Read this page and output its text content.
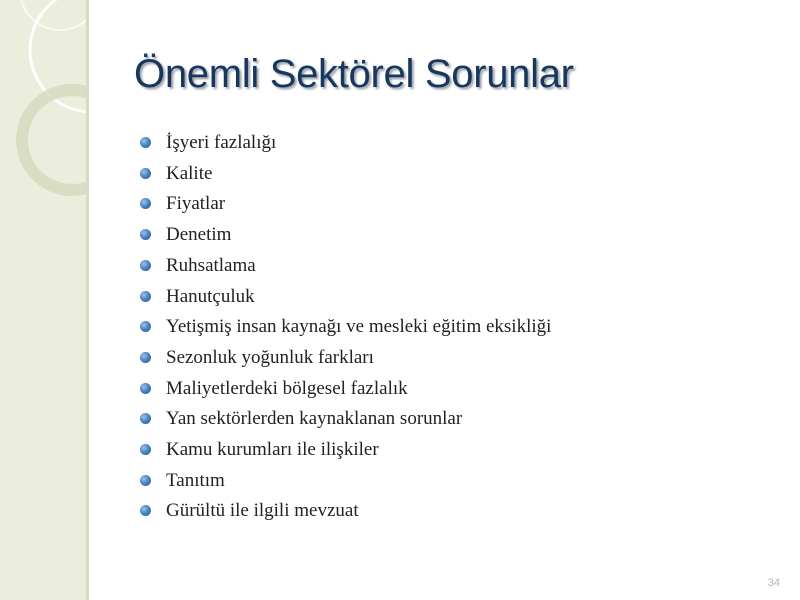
Önemli Sektörel Sorunlar
İşyeri fazlalığı
Kalite
Fiyatlar
Denetim
Ruhsatlama
Hanutçuluk
Yetişmiş insan kaynağı ve mesleki eğitim eksikliği
Sezonluk yoğunluk farkları
Maliyetlerdeki bölgesel fazlalık
Yan sektörlerden kaynaklanan sorunlar
Kamu kurumları ile ilişkiler
Tanıtım
Gürültü ile ilgili mevzuat
34
